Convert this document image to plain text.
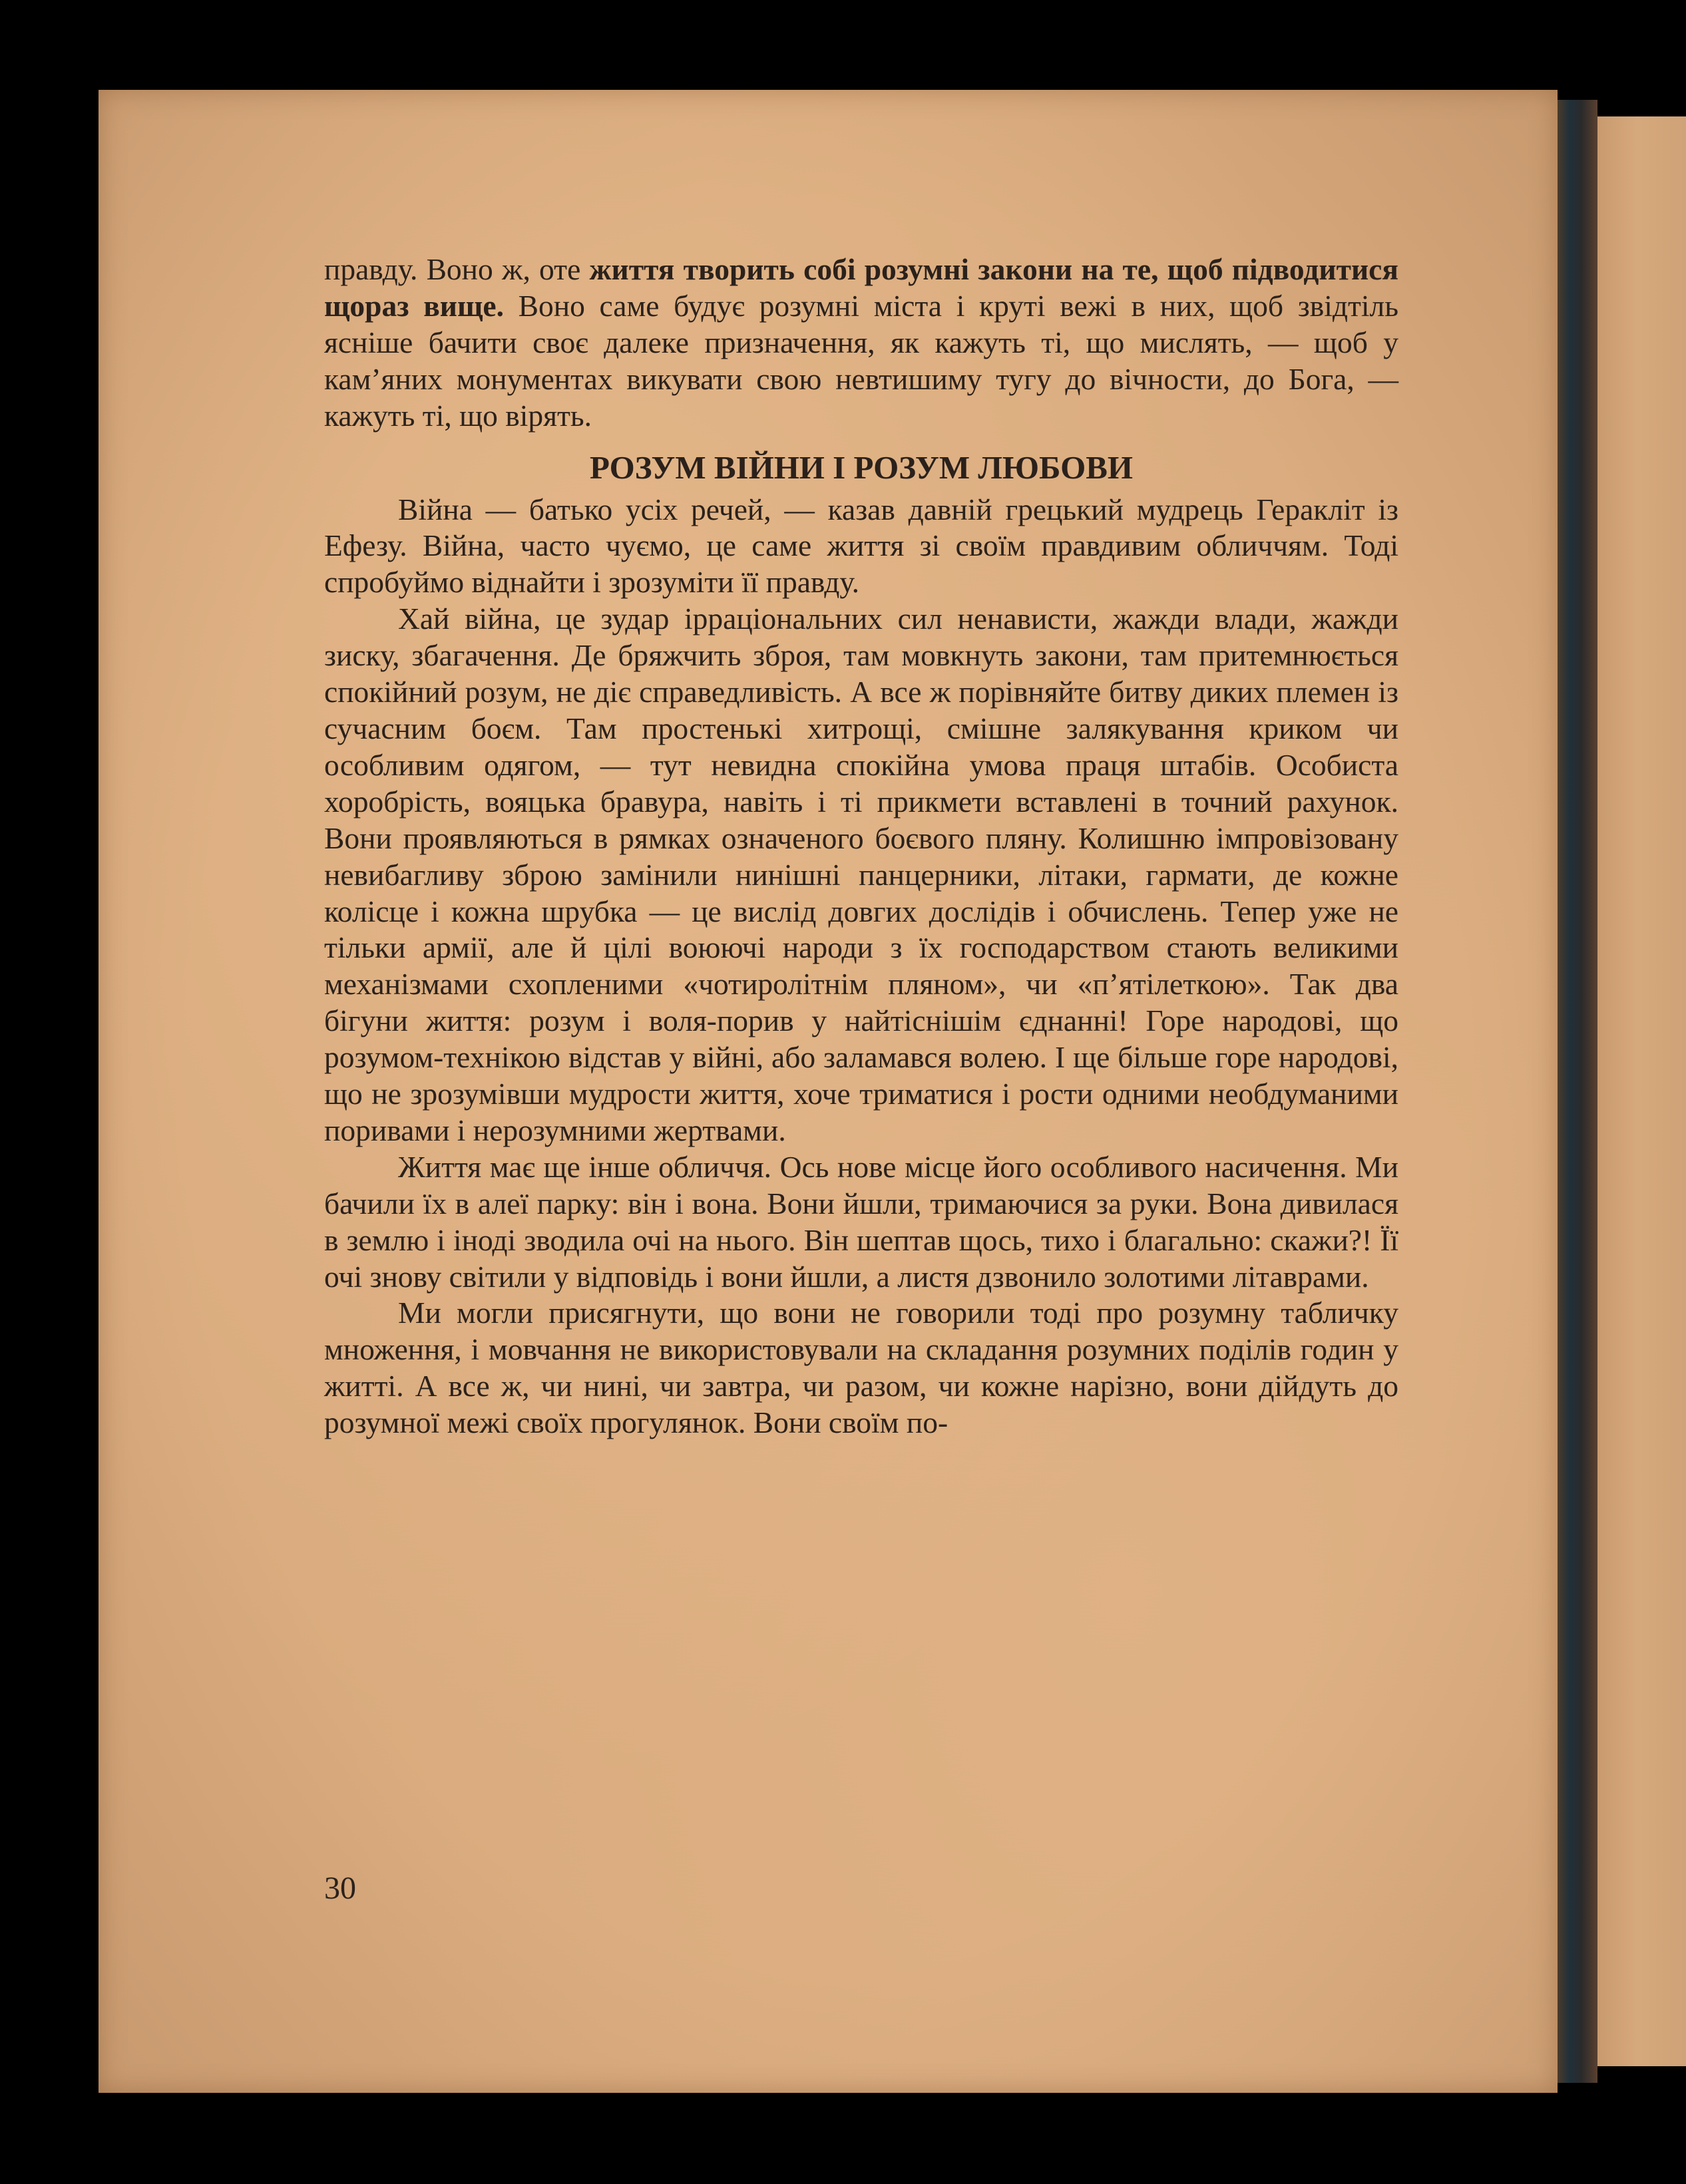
правду. Воно ж, оте життя творить собі розумні закони на те, щоб підводитися щораз вище. Воно саме будує розумні міста і круті вежі в них, щоб звідтіль ясніше бачити своє далеке призначення, як кажуть ті, що мислять, — щоб у кам’яних монументах викувати свою невтишиму тугу до вічности, до Бога, — кажуть ті, що вірять.

РОЗУМ ВІЙНИ І РОЗУМ ЛЮБОВИ

Війна — батько усіх речей, — казав давній грецький мудрець Геракліт із Ефезу. Війна, часто чуємо, це саме життя зі своїм правдивим обличчям. Тоді спробуймо віднайти і зрозуміти її правду.

Хай війна, це зудар ірраціональних сил ненависти, жажди влади, жажди зиску, збагачення. Де бряжчить зброя, там мовкнуть закони, там притемнюється спокійний розум, не діє справедливість. А все ж порівняйте битву диких племен із сучасним боєм. Там простенькі хитрощі, смішне залякування криком чи особливим одягом, — тут невидна спокійна умова праця штабів. Особиста хоробрість, вояцька бравура, навіть і ті прикмети вставлені в точний рахунок. Вони проявляються в рямках означеного боєвого пляну. Колишню імпровізовану невибагливу зброю замінили нинішні панцерники, літаки, гармати, де кожне колісце і кожна шрубка — це вислід довгих дослідів і обчислень. Тепер уже не тільки армії, але й цілі воюючі народи з їх господарством стають великими механізмами схопленими «чотиролітнім пляном», чи «п’ятілеткою». Так два бігуни життя: розум і воля-порив у найтіснішім єднанні! Горе народові, що розумом-технікою відстав у війні, або заламався волею. І ще більше горе народові, що не зрозумівши мудрости життя, хоче триматися і рости одними необдуманими поривами і нерозумними жертвами.

Життя має ще інше обличчя. Ось нове місце його особливого насичення. Ми бачили їх в алеї парку: він і вона. Вони йшли, тримаючися за руки. Вона дивилася в землю і іноді зводила очі на нього. Він шептав щось, тихо і благально: скажи?! Її очі знову світили у відповідь і вони йшли, а листя дзвонило золотими літаврами.

Ми могли присягнути, що вони не говорили тоді про розумну табличку множення, і мовчання не використовували на складання розумних поділів годин у житті. А все ж, чи нині, чи завтра, чи разом, чи кожне нарізно, вони дійдуть до розумної межі своїх прогулянок. Вони своїм по-

30
